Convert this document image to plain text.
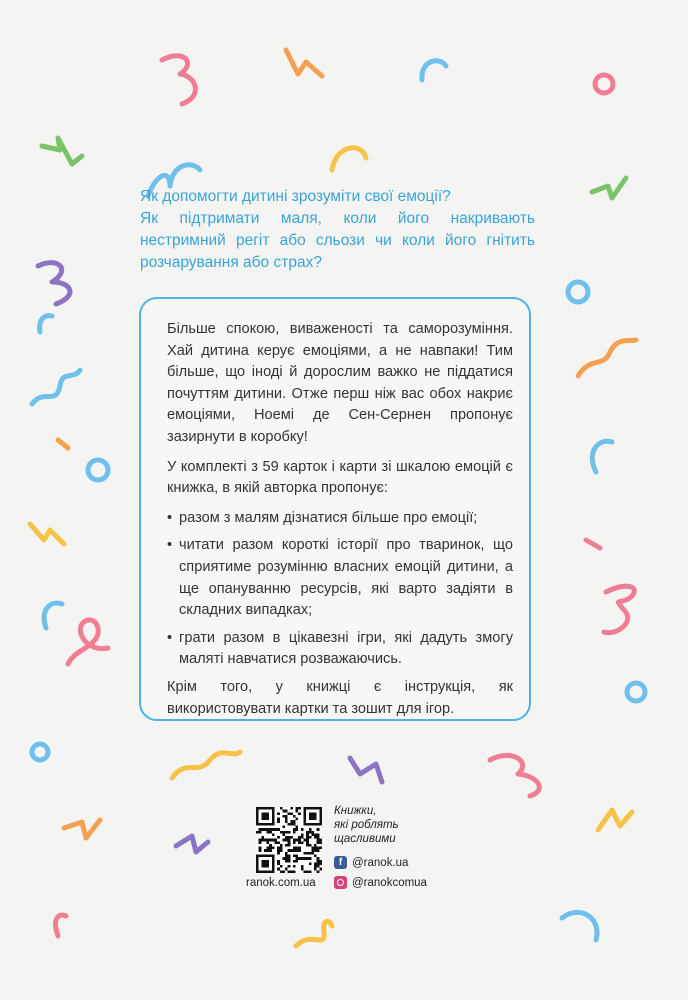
Як допомогти дитині зрозуміти свої емоції?

Як підтримати маля, коли його накривають нестримний регіт або сльози чи коли його гнітить розчарування або страх?

Більше спокою, виваженості та саморозуміння. Хай дитина керує емоціями, а не навпаки! Тим більше, що іноді й дорослим важко не піддатися почуттям дитини. Отже перш ніж вас обох накриє емоціями, Ноемі де Сен-Сернен пропонує зазирнути в коробку!

У комплекті з 59 карток і карти зі шкалою емоцій є книжка, в якій авторка пропонує:

• разом з малям дізнатися більше про емоції;
• читати разом короткі історії про тваринок, що сприятиме розумінню власних емоцій дитини, а ще опануванню ресурсів, які варто задіяти в складних випадках;
• грати разом в цікавезні ігри, які дадуть змогу маляті навчатися розважаючись.

Крім того, у книжці є інструкція, як використовувати картки та зошит для ігор.

ranok.com.ua
Книжки,
які роблять
щасливими
f @ranok.ua
@ranokcomua
